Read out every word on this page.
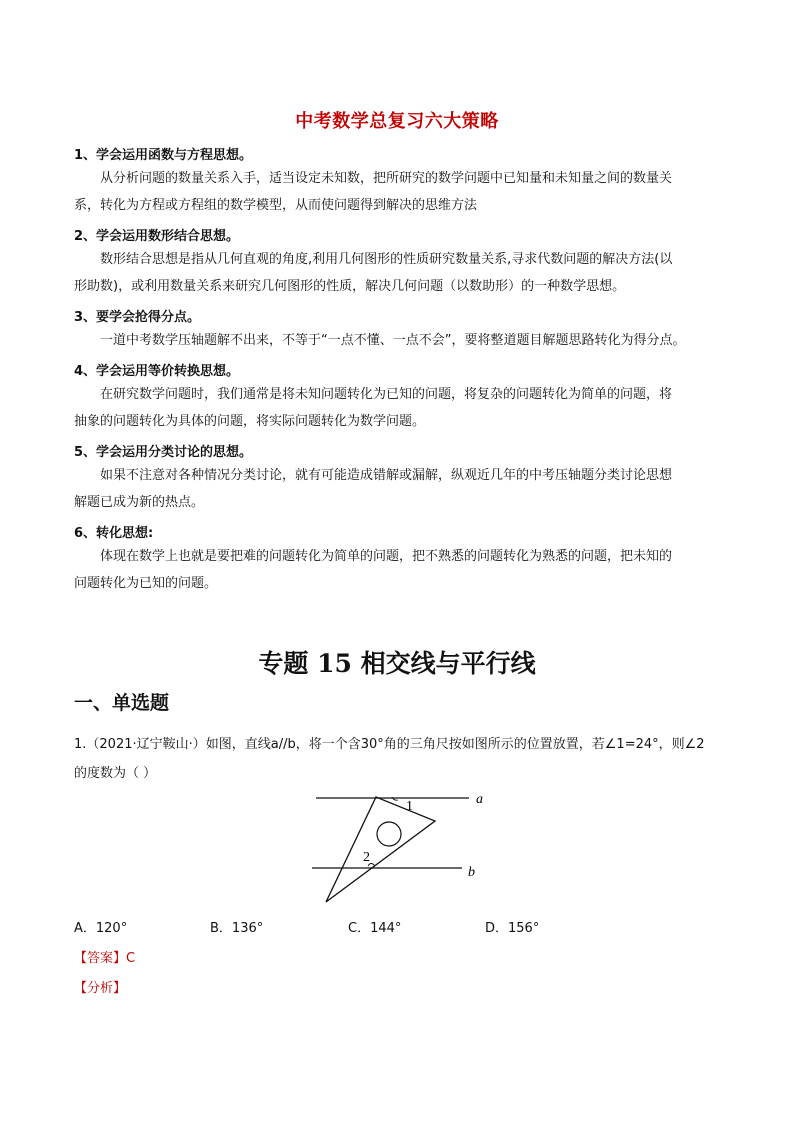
中考数学总复习六大策略
1、学会运用函数与方程思想。
从分析问题的数量关系入手，适当设定未知数，把所研究的数学问题中已知量和未知量之间的数量关
系，转化为方程或方程组的数学模型，从而使问题得到解决的思维方法
2、学会运用数形结合思想。
数形结合思想是指从几何直观的角度,利用几何图形的性质研究数量关系,寻求代数问题的解决方法(以
形助数)，或利用数量关系来研究几何图形的性质，解决几何问题（以数助形）的一种数学思想。
3、要学会抢得分点。
一道中考数学压轴题解不出来，不等于“一点不懂、一点不会”，要将整道题目解题思路转化为得分点。
4、学会运用等价转换思想。
在研究数学问题时，我们通常是将未知问题转化为已知的问题，将复杂的问题转化为简单的问题，将
抽象的问题转化为具体的问题，将实际问题转化为数学问题。
5、学会运用分类讨论的思想。
如果不注意对各种情况分类讨论，就有可能造成错解或漏解，纵观近几年的中考压轴题分类讨论思想
解题已成为新的热点。
6、转化思想:
体现在数学上也就是要把难的问题转化为简单的问题，把不熟悉的问题转化为熟悉的问题，把未知的
问题转化为已知的问题。
专题 15 相交线与平行线
一、单选题
1.（2021·辽宁鞍山·）如图，直线a//b，将一个含30°角的三角尺按如图所示的位置放置，若∠1=24°，则∠2
的度数为（ ）
1
2
a
b
A．120°	B．136°	C．144°	D．156°
【答案】C
【分析】
